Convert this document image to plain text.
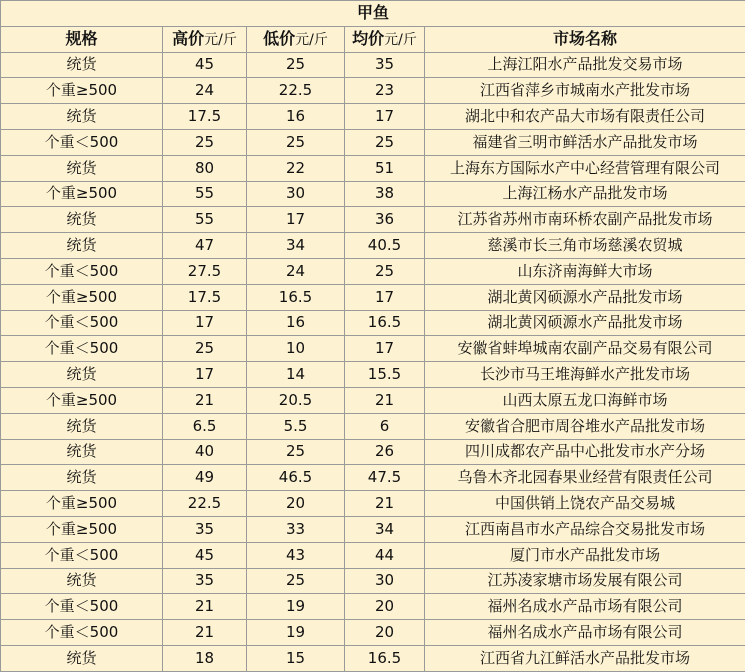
甲鱼				
规格	高价元/斤	低价元/斤	均价元/斤	市场名称
统货	45	25	35	上海江阳水产品批发交易市场
个重≥500	24	22.5	23	江西省萍乡市城南水产批发市场
统货	17.5	16	17	湖北中和农产品大市场有限责任公司
个重＜500	25	25	25	福建省三明市鲜活水产品批发市场
统货	80	22	51	上海东方国际水产中心经营管理有限公司
个重≥500	55	30	38	上海江杨水产品批发市场
统货	55	17	36	江苏省苏州市南环桥农副产品批发市场
统货	47	34	40.5	慈溪市长三角市场慈溪农贸城
个重＜500	27.5	24	25	山东济南海鲜大市场
个重≥500	17.5	16.5	17	湖北黄冈硕源水产品批发市场
个重＜500	17	16	16.5	湖北黄冈硕源水产品批发市场
个重＜500	25	10	17	安徽省蚌埠城南农副产品交易有限公司
统货	17	14	15.5	长沙市马王堆海鲜水产批发市场
个重≥500	21	20.5	21	山西太原五龙口海鲜市场
统货	6.5	5.5	6	安徽省合肥市周谷堆水产品批发市场
统货	40	25	26	四川成都农产品中心批发市水产分场
统货	49	46.5	47.5	乌鲁木齐北园春果业经营有限责任公司
个重≥500	22.5	20	21	中国供销上饶农产品交易城
个重≥500	35	33	34	江西南昌市水产品综合交易批发市场
个重＜500	45	43	44	厦门市水产品批发市场
统货	35	25	30	江苏凌家塘市场发展有限公司
个重＜500	21	19	20	福州名成水产品市场有限公司
个重＜500	21	19	20	福州名成水产品市场有限公司
统货	18	15	16.5	江西省九江鲜活水产品批发市场
